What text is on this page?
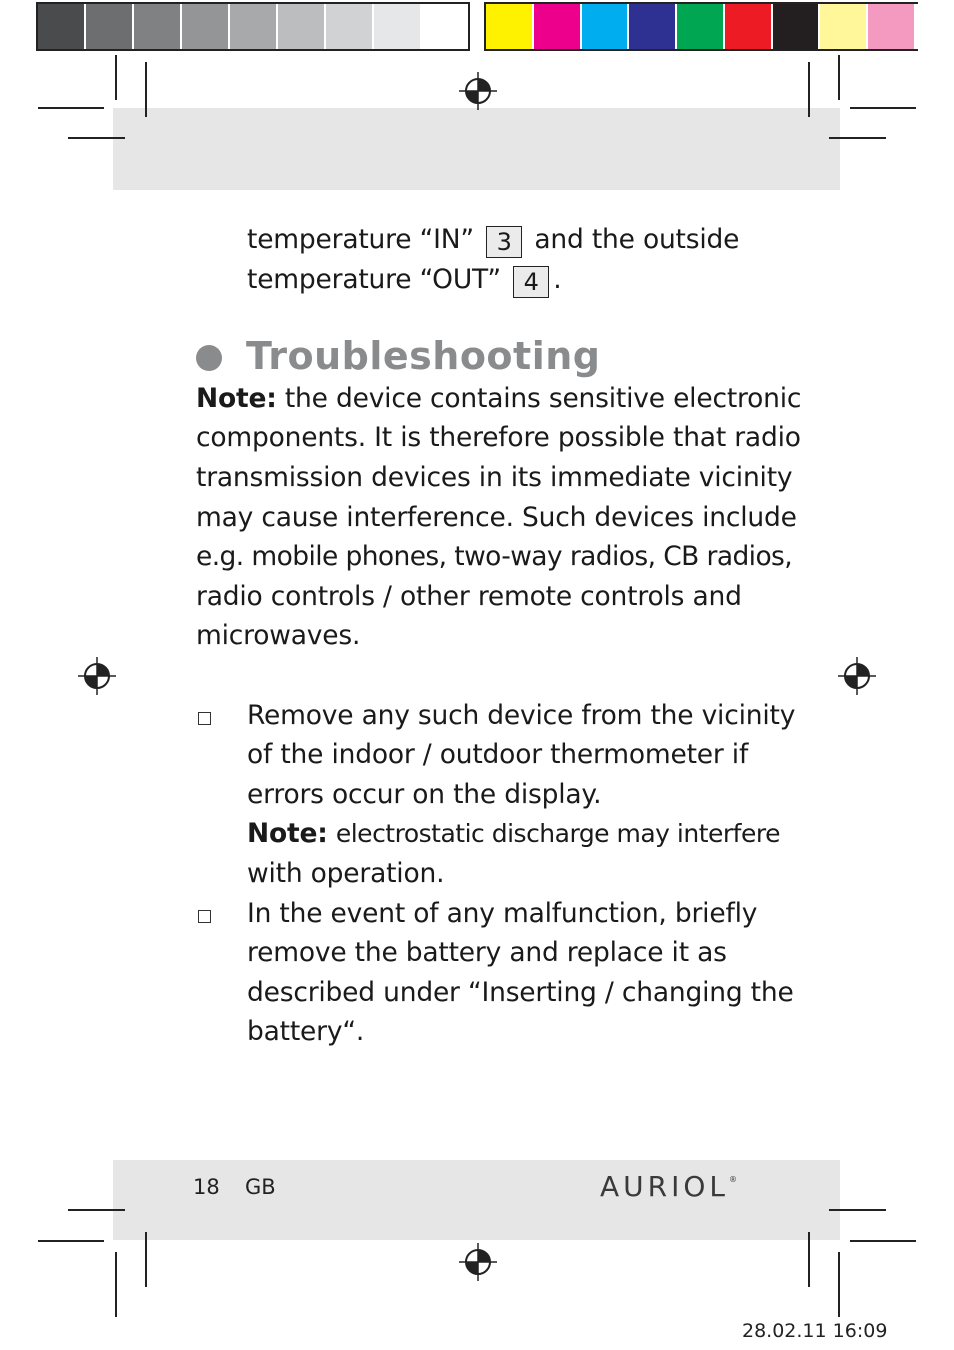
temperature “IN” 3 and the outside
temperature “OUT” 4 .
Troubleshooting
Note: the device contains sensitive electronic
components. It is therefore possible that radio
transmission devices in its immediate vicinity
may cause interference. Such devices include
e.g. mobile phones, two-way radios, CB radios,
radio controls / other remote controls and
microwaves.
Remove any such device from the vicinity
of the indoor / outdoor thermometer if
errors occur on the display.
Note: electrostatic discharge may interfere
with operation.
In the event of any malfunction, briefly
remove the battery and replace it as
described under “Inserting / changing the
battery“.
18 GB	AURIOL®
28.02.11 16:09
